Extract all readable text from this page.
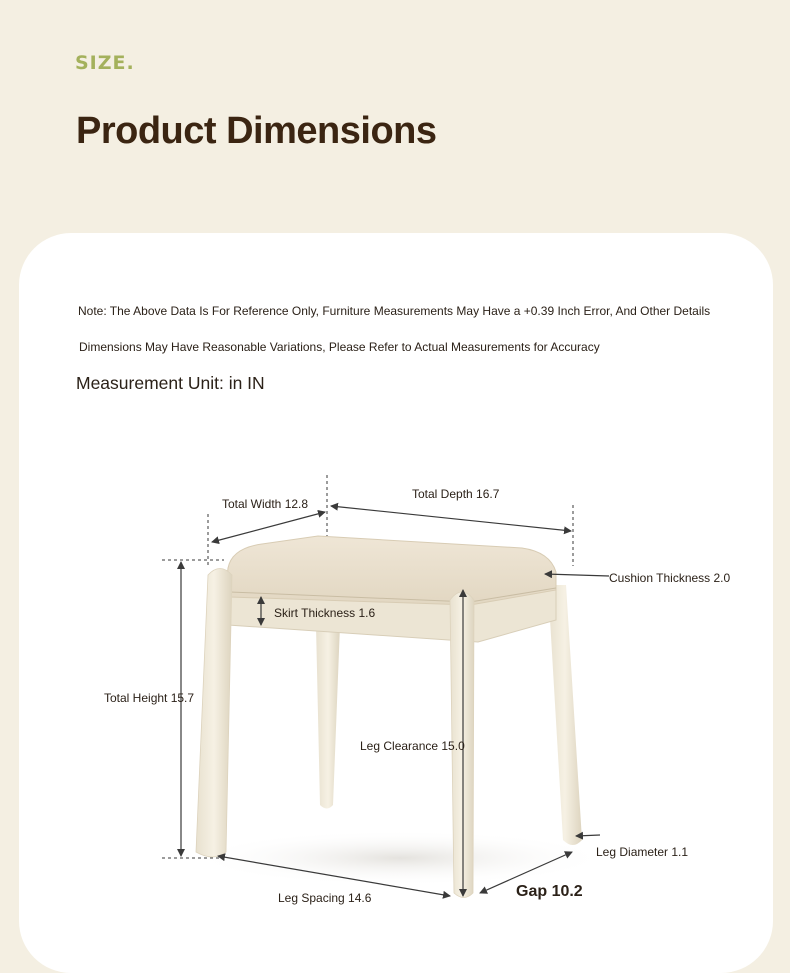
SIZE.
Product Dimensions
Note: The Above Data Is For Reference Only, Furniture Measurements May Have a +0.39 Inch Error, And Other Details
Dimensions May Have Reasonable Variations, Please Refer to Actual Measurements for Accuracy
Measurement Unit: in IN
Total Width 12.8
Total Depth 16.7
Cushion Thickness 2.0
Skirt Thickness 1.6
Total Height 15.7
Leg Clearance 15.0
Leg Diameter 1.1
Leg Spacing 14.6	Gap 10.2
